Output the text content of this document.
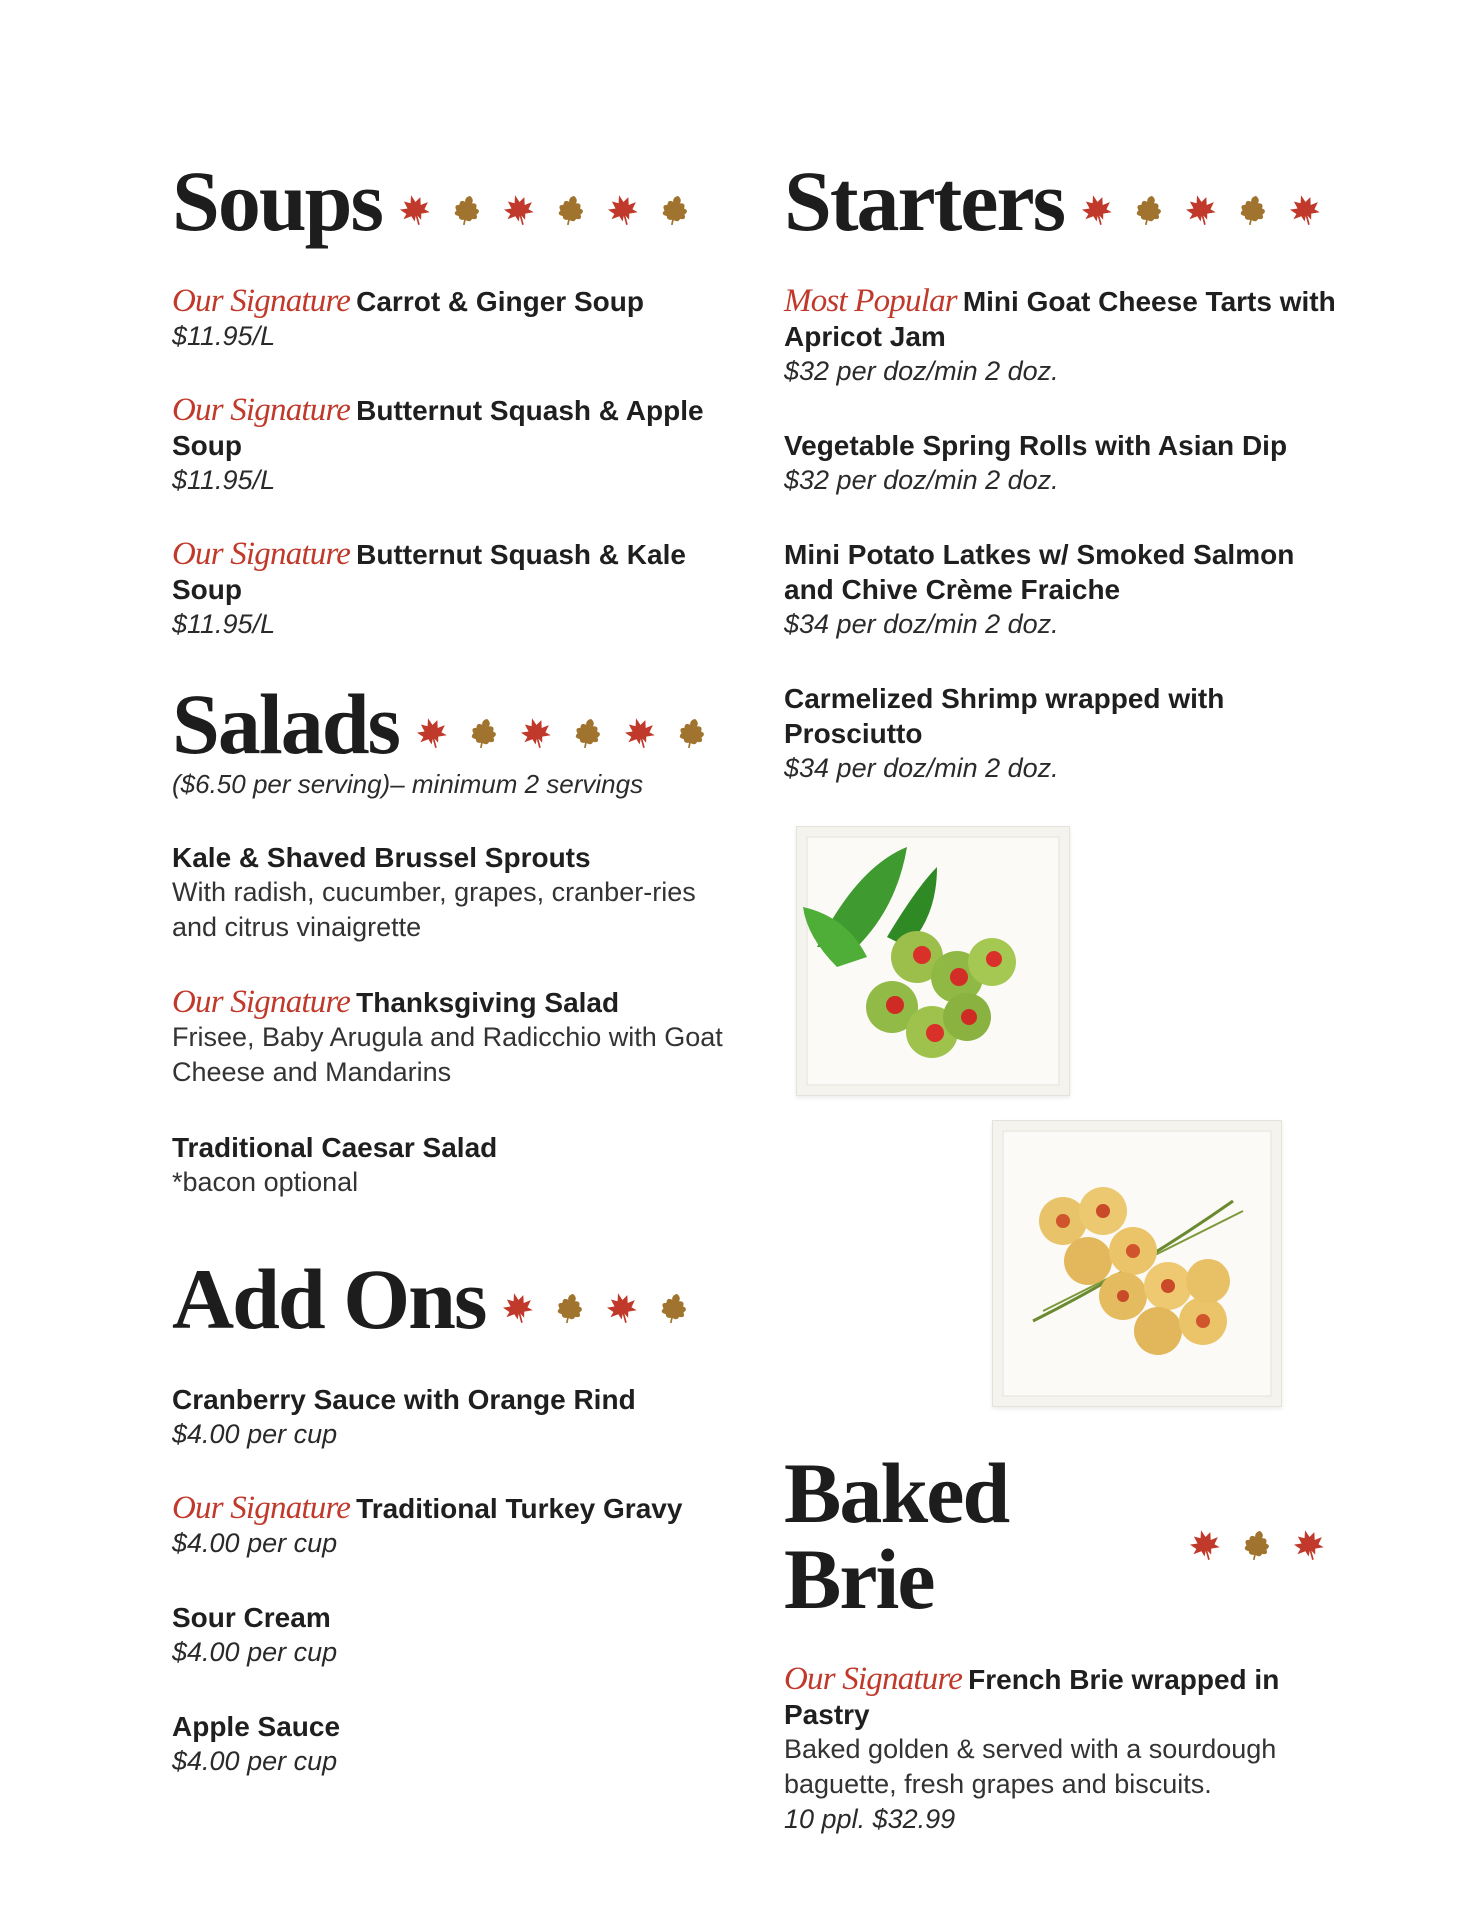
Soups
Our Signature Carrot & Ginger Soup
$11.95/L
Our Signature Butternut Squash & Apple Soup
$11.95/L
Our Signature Butternut Squash & Kale Soup
$11.95/L
Salads
($6.50 per serving)– minimum 2 servings
Kale & Shaved Brussel Sprouts
With radish, cucumber, grapes, cranber-ries and citrus vinaigrette
Our Signature Thanksgiving Salad
Frisee, Baby Arugula and Radicchio with Goat Cheese and Mandarins
Traditional Caesar Salad
*bacon optional
Add Ons
Cranberry Sauce with Orange Rind
$4.00 per cup
Our Signature Traditional Turkey Gravy
$4.00 per cup
Sour Cream
$4.00 per cup
Apple Sauce
$4.00 per cup
Starters
Most Popular Mini Goat Cheese Tarts with Apricot Jam
$32 per doz/min 2 doz.
Vegetable Spring Rolls with Asian Dip
$32 per doz/min 2 doz.
Mini Potato Latkes w/ Smoked Salmon and Chive Crème Fraiche
$34 per doz/min 2 doz.
Carmelized Shrimp wrapped with Prosciutto
$34 per doz/min 2 doz.
Baked Brie
Our Signature French Brie wrapped in Pastry
Baked golden & served with a sourdough baguette, fresh grapes and biscuits.
10 ppl. $32.99
